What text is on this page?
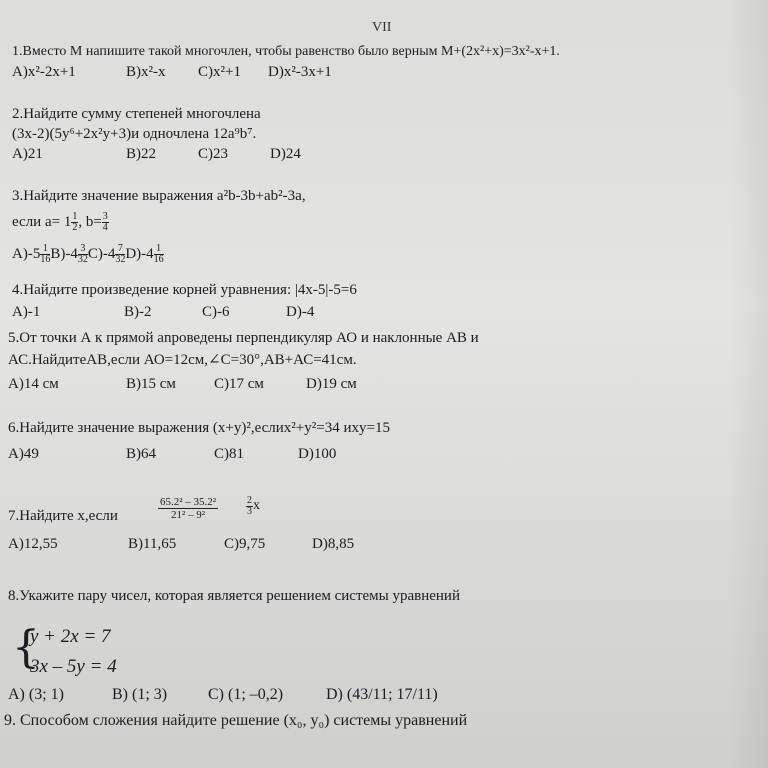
VII
1.Вместо М напишите такой многочлен, чтобы равенство было верным М+(2x²+x)=3x²-x+1.
A)x²-2x+1	B)x²-x C)x²+1 D)x²-3x+1
2.Найдите сумму степеней многочлена
(3x-2)(5y⁶+2x²y+3)и одночлена 12a⁹b⁷.
A)21	B)22	C)23	D)24
3.Найдите значение выражения a²b-3b+ab²-3a,
если $a= 1 \frac{1}{2}$ , $b= \frac{3}{4}$
$A)-5 \frac{1}{16} B)-4 \frac{3}{32} C)-4 \frac{7}{32} D)-4 \frac{1}{16}$
4.Найдите произведение корней уравнения: |4x-5|-5=6
A)-1	B)-2	C)-6	D)-4
5.От точки А к прямой аnроведены перпендикуляр АО и наклонные АВ и
АС.НайдитеАВ,если АО=12см,∠С=30°,АВ+АС=41см.
A)14 см	B)15 см	C)17 см	D)19 см
6.Найдите значение выражения (x+y)²,еслиx²+y²=34 иxy=15
A)49	B)64	C)81	D)100
7.Найдите x,если	$\frac{\text{65.2² – 35.2²}}{\text{21² – 9²}}$	$\frac{2}{3}$ x
A)12,55	B)11,65	C)9,75	D)8,85
8.Укажите пару чисел, которая является решением системы уравнений
{
y + 2x = 7
3x – 5y = 4
A) (3; 1)	B) (1; 3)	C) (1; –0,2)	D) (43/11; 17/11)
9. Способом сложения найдите решение (x₀, y₀) системы уравнений
